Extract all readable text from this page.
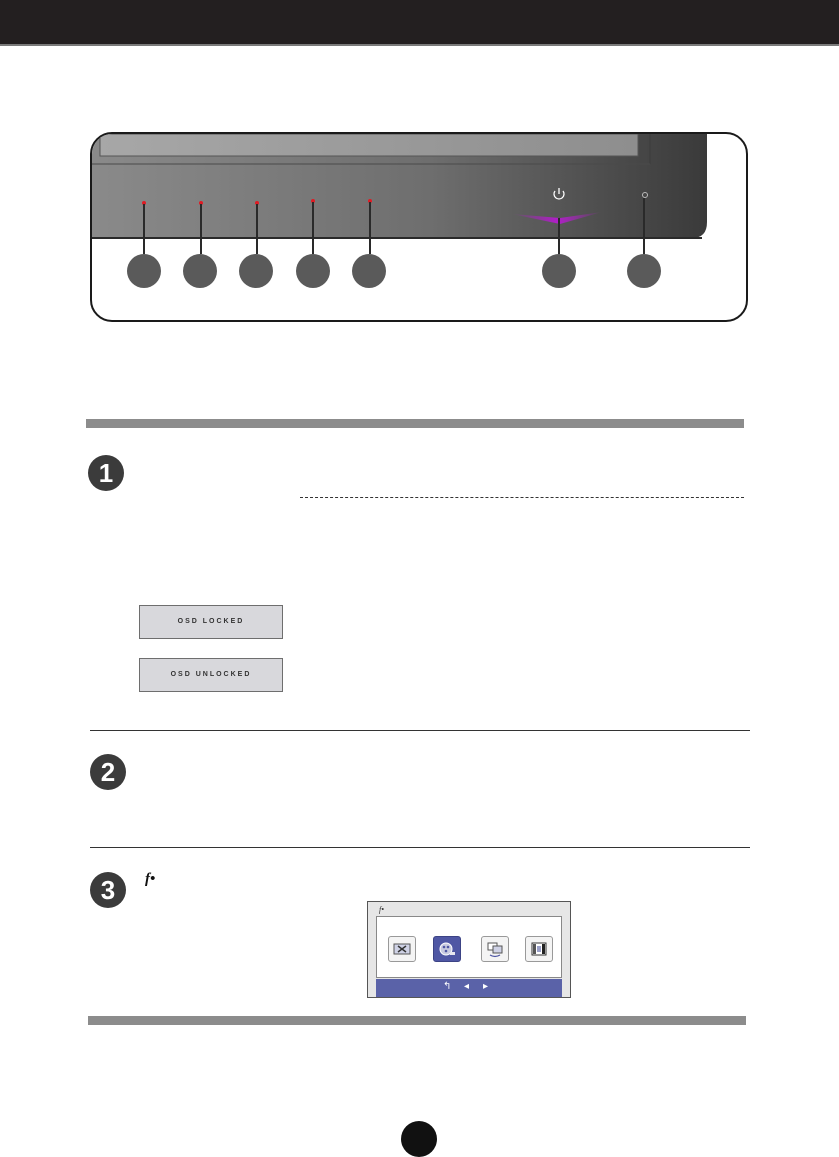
1
OSD LOCKED
OSD UNLOCKED
2
3	f•
f•
↰ ◂ ▸
